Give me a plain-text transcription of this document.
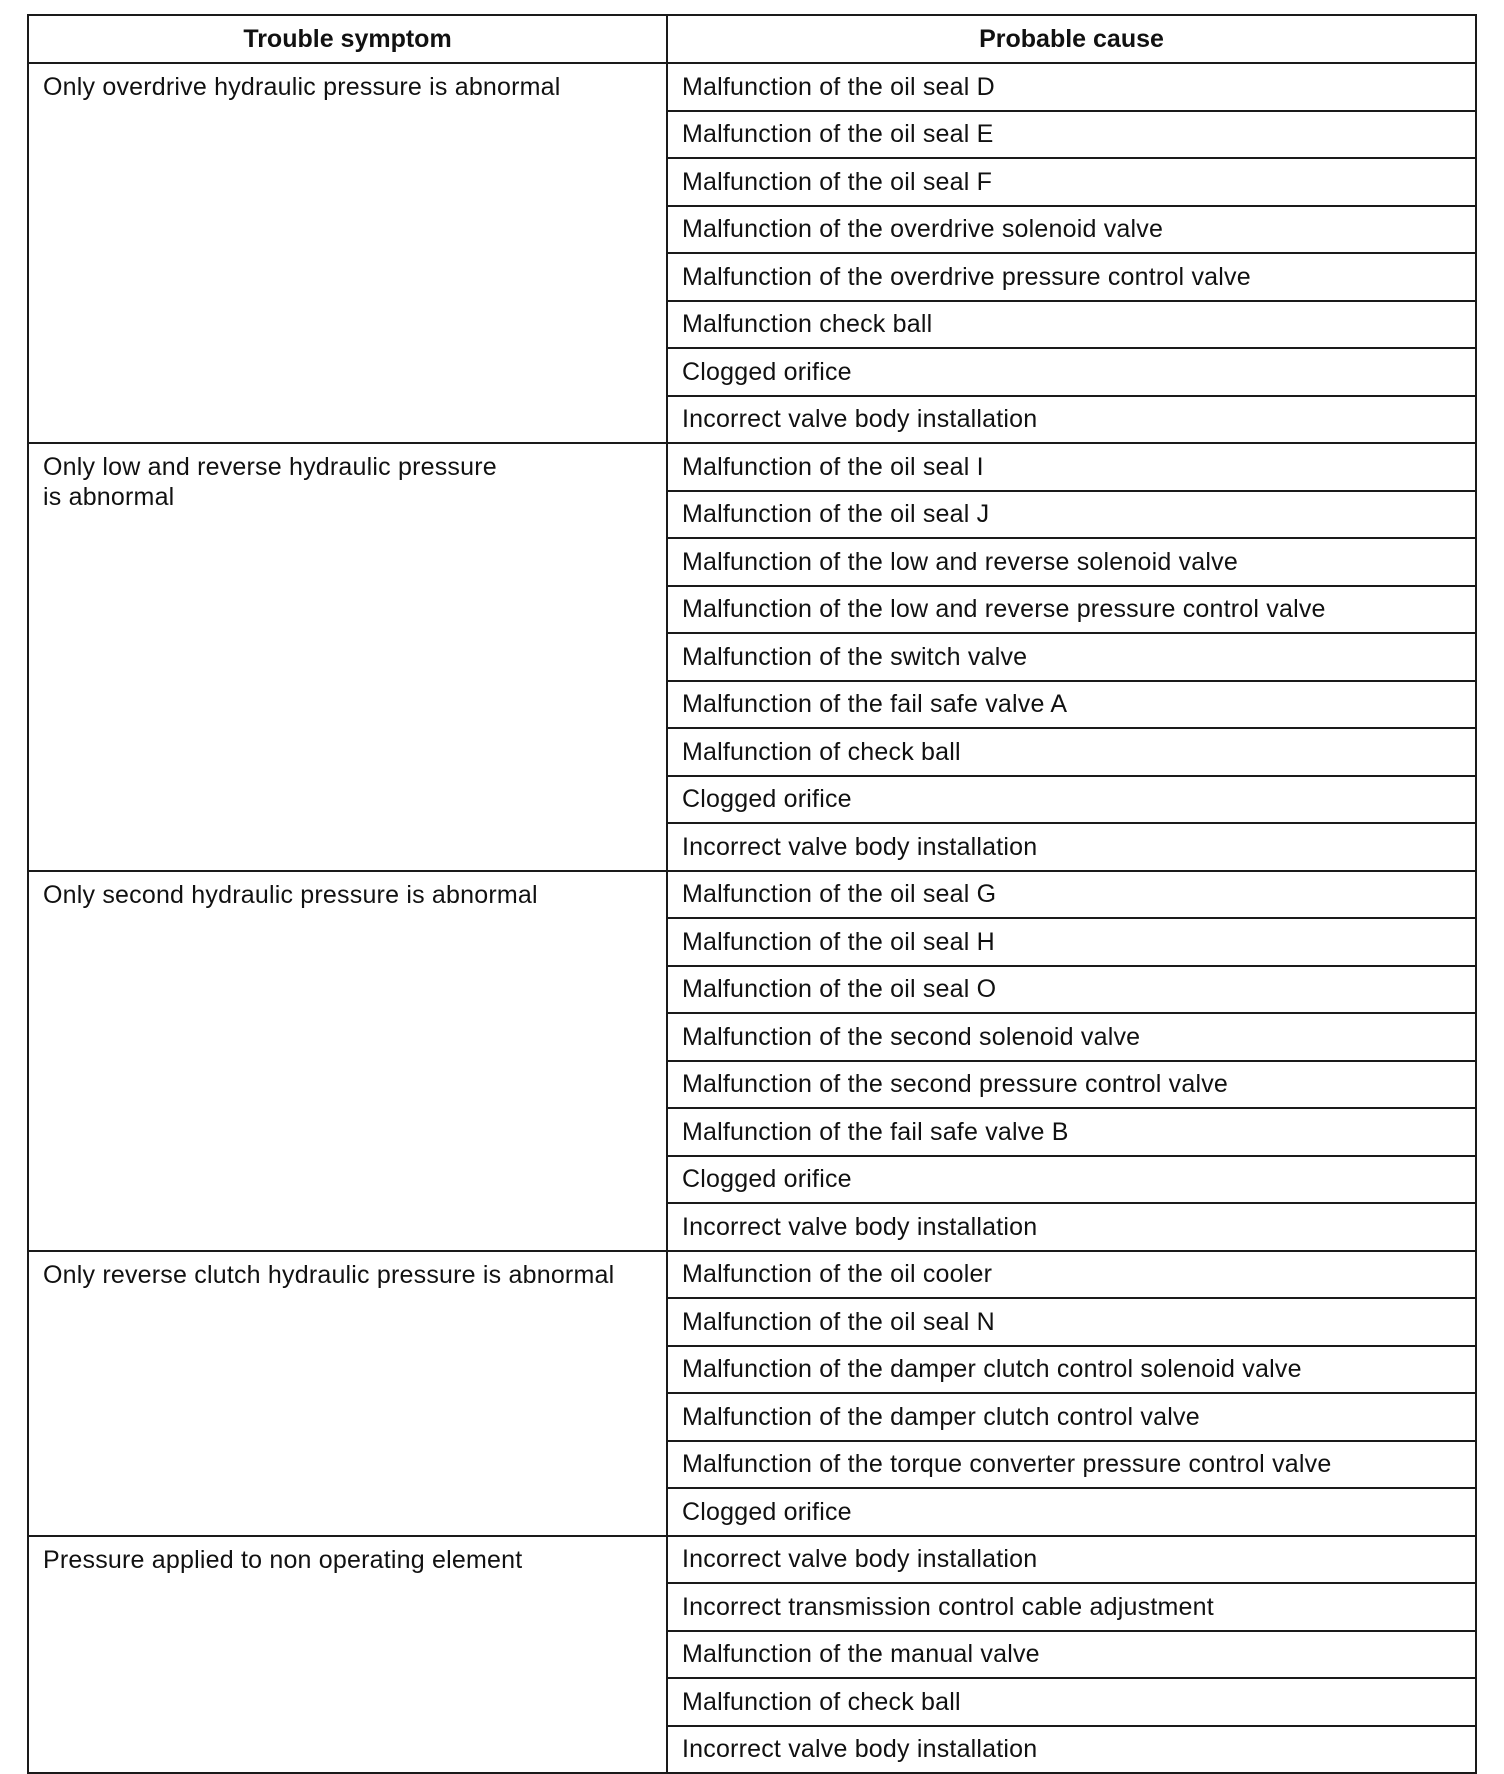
Trouble symptom	Probable cause
Only overdrive hydraulic pressure is abnormal	Malfunction of the oil seal D
	Malfunction of the oil seal E
	Malfunction of the oil seal F
	Malfunction of the overdrive solenoid valve
	Malfunction of the overdrive pressure control valve
	Malfunction check ball
	Clogged orifice
	Incorrect valve body installation
Only low and reverse hydraulic pressure
is abnormal	Malfunction of the oil seal I
	Malfunction of the oil seal J
	Malfunction of the low and reverse solenoid valve
	Malfunction of the low and reverse pressure control valve
	Malfunction of the switch valve
	Malfunction of the fail safe valve A
	Malfunction of check ball
	Clogged orifice
	Incorrect valve body installation
Only second hydraulic pressure is abnormal	Malfunction of the oil seal G
	Malfunction of the oil seal H
	Malfunction of the oil seal O
	Malfunction of the second solenoid valve
	Malfunction of the second pressure control valve
	Malfunction of the fail safe valve B
	Clogged orifice
	Incorrect valve body installation
Only reverse clutch hydraulic pressure is abnormal	Malfunction of the oil cooler
	Malfunction of the oil seal N
	Malfunction of the damper clutch control solenoid valve
	Malfunction of the damper clutch control valve
	Malfunction of the torque converter pressure control valve
	Clogged orifice
Pressure applied to non operating element	Incorrect valve body installation
	Incorrect transmission control cable adjustment
	Malfunction of the manual valve
	Malfunction of check ball
	Incorrect valve body installation
